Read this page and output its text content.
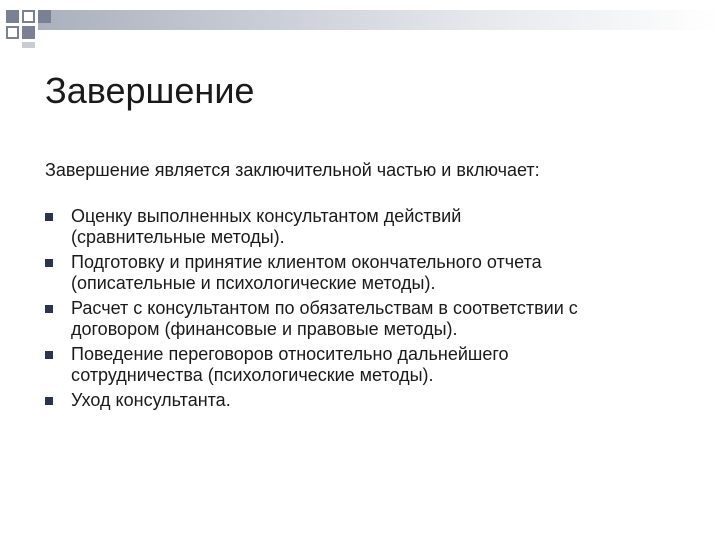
Завершение

Завершение является заключительной частью и включает:

Оценку выполненных консультантом действий
(сравнительные методы).
Подготовку и принятие клиентом окончательного отчета
(описательные и психологические методы).
Расчет с консультантом по обязательствам в соответствии с
договором (финансовые и правовые методы).
Поведение переговоров относительно дальнейшего
сотрудничества (психологические методы).
Уход консультанта.
